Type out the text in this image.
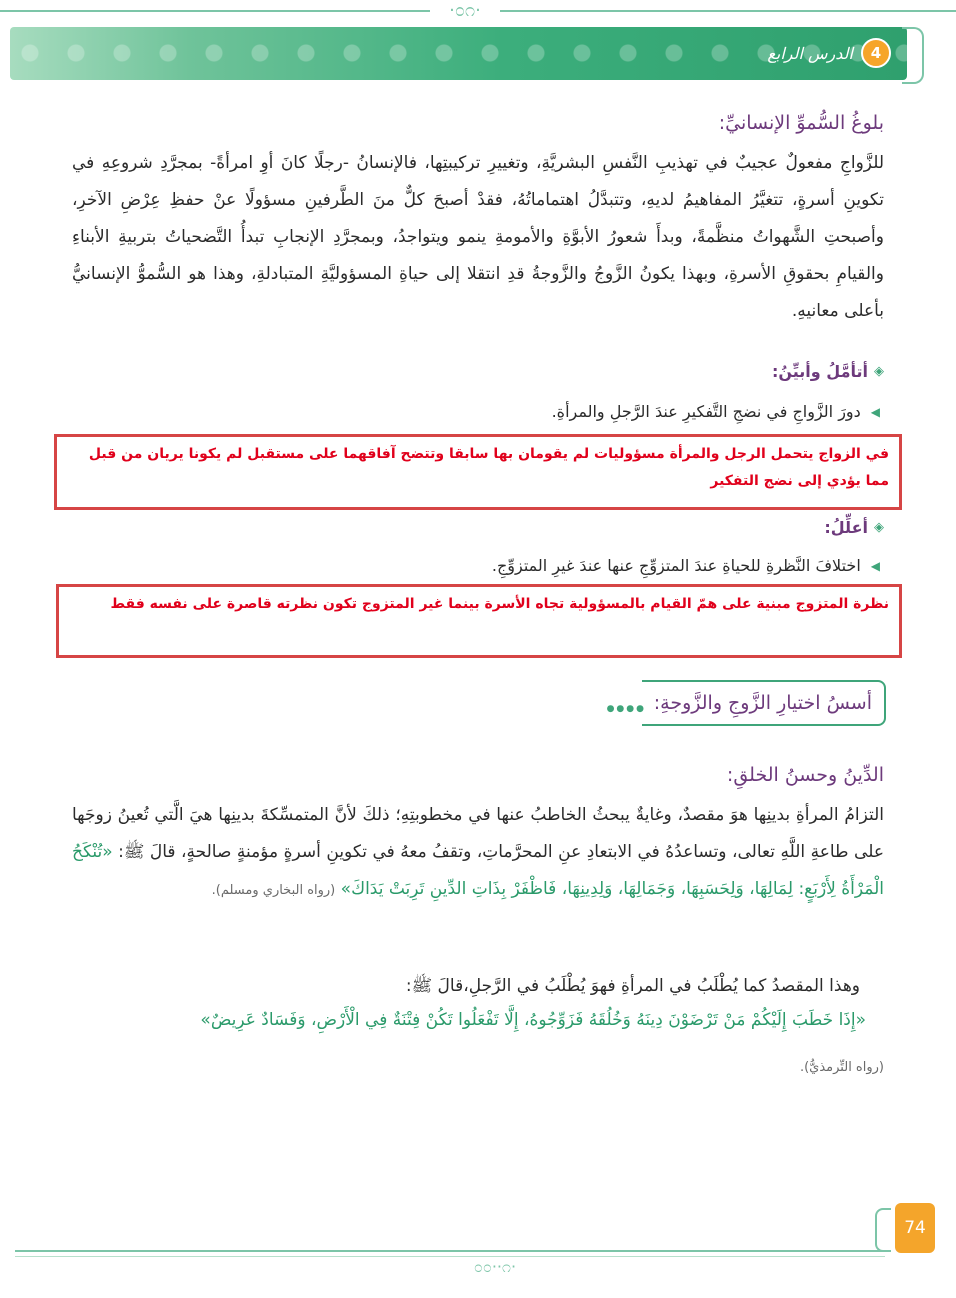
·೦೧·
4
الدرس الرابع
بلوغُ السُّموِّ الإنسانيِّ:
للزَّواجِ مفعولٌ عجيبٌ في تهذيبِ النَّفسِ البشريَّةِ، وتغييرِ تركيبتِها، فالإنسانُ -رجلًا كانَ أوِ امرأةً- بمجرَّدِ شروعِهِ في تكوينِ أسرةٍ، تتغيَّرُ المفاهيمُ لديهِ، وتتبدَّلُ اهتماماتُهُ، فقدْ أصبحَ كلٌّ منَ الطَّرفينِ مسؤولًا عنْ حفظِ عِرْضِ الآخرِ، وأصبحتِ الشَّهواتُ منظَّمةً، وبدأَ شعورُ الأبوَّةِ والأمومةِ ينمو ويتواجدُ، وبمجرَّدِ الإنجابِ تبدأُ التَّضحياتُ بتربيةِ الأبناءِ والقيامِ بحقوقِ الأسرةِ، وبهذا يكونُ الزَّوجُ والزَّوجةُ قدِ انتقلا إلى حياةِ المسؤوليَّةِ المتبادلةِ، وهذا هو السُّموُّ الإنسانيُّ بأعلى معانيهِ.
◈
أتأمَّلُ وأبيِّنُ:
◀
دورَ الزَّواجِ في نضجِ التَّفكيرِ عندَ الرَّجلِ والمرأةِ.
في الزواج يتحمل الرجل والمرأة مسؤوليات لم يقومان بها سابقا وتتضح آفاقهما على مستقبل لم يكونا يريان من قبل مما يؤدي إلى نضج التفكير
◈
أعلِّلُ:
◀
اختلافَ النَّظرةِ للحياةِ عندَ المتزوِّجِ عنها عندَ غيرِ المتزوِّجِ.
نظرة المتزوج مبنية على همّ القيام بالمسؤولية تجاه الأسرة بينما غير المتزوج تكون نظرته قاصرة على نفسه فقط
أسسُ اختيارِ الزَّوجِ والزَّوجةِ:
●●●●
الدِّينُ وحسنُ الخلقِ:
التزامُ المرأةِ بدينِها هوَ مقصدٌ، وغايةٌ يبحثُ الخاطبُ عنها في مخطوبتِهِ؛ ذلكَ لأنَّ المتمسِّكةَ بدينِها هيَ الَّتي تُعينُ زوجَها على طاعةِ اللَّهِ تعالى، وتساعدُهُ في الابتعادِ عنِ المحرَّماتِ، وتقفُ معهُ في تكوينِ أسرةٍ مؤمنةٍ صالحةٍ، قالَ ﷺ: «تُنْكَحُ الْمَرْأَةُ لِأَرْبَعٍ: لِمَالِهَا، وَلِحَسَبِهَا، وَجَمَالِهَا، وَلِدِينِهَا، فَاظْفَرْ بِذَاتِ الدِّينِ تَرِبَتْ يَدَاكَ» (رواه البخاري ومسلم).
وهذا المقصدُ كما يُطْلَبُ في المرأةِ فهوَ يُطْلَبُ في الرَّجلِ،قالَ ﷺ:
«إِذَا خَطَبَ إِلَيْكُمْ مَنْ تَرْضَوْنَ دِينَهُ وَخُلُقَهُ فَزَوِّجُوهُ، إِلَّا تَفْعَلُوا تَكُنْ فِتْنَةٌ فِي الْأَرْضِ، وَفَسَادٌ عَرِيضٌ»
(رواه التِّرمذيُّ).
74
·೦೦··೧
